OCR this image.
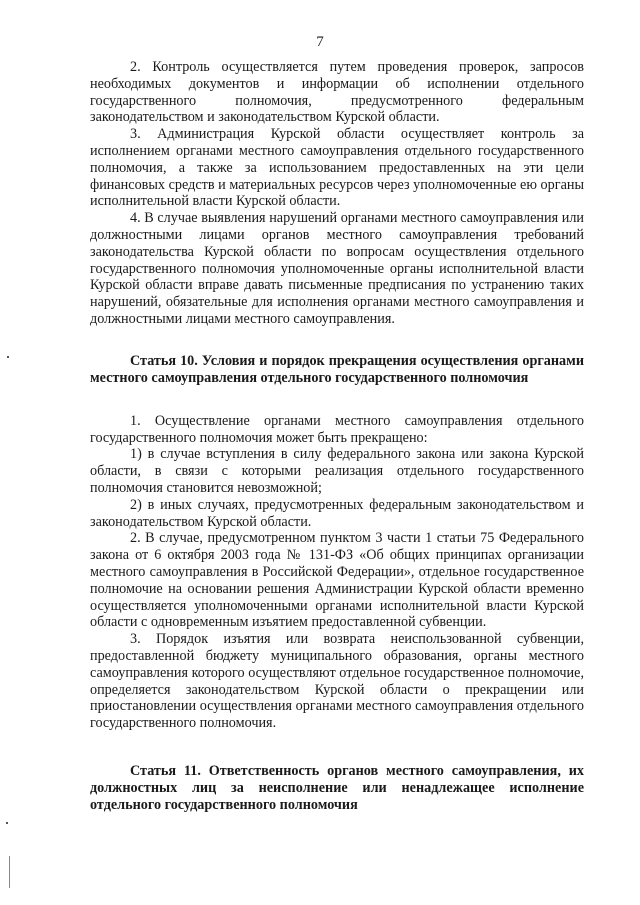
7

2. Контроль осуществляется путем проведения проверок, запросов необходимых документов и информации об исполнении отдельного государственного полномочия, предусмотренного федеральным законодательством и законодательством Курской области.

3. Администрация Курской области осуществляет контроль за исполнением органами местного самоуправления отдельного государственного полномочия, а также за использованием предоставленных на эти цели финансовых средств и материальных ресурсов через уполномоченные ею органы исполнительной власти Курской области.

4. В случае выявления нарушений органами местного самоуправления или должностными лицами органов местного самоуправления требований законодательства Курской области по вопросам осуществления отдельного государственного полномочия уполномоченные органы исполнительной власти Курской области вправе давать письменные предписания по устранению таких нарушений, обязательные для исполнения органами местного самоуправления и должностными лицами местного самоуправления.

Статья 10. Условия и порядок прекращения осуществления органами местного самоуправления отдельного государственного полномочия

1. Осуществление органами местного самоуправления отдельного государственного полномочия может быть прекращено:

1) в случае вступления в силу федерального закона или закона Курской области, в связи с которыми реализация отдельного государственного полномочия становится невозможной;

2) в иных случаях, предусмотренных федеральным законодательством и законодательством Курской области.

2. В случае, предусмотренном пунктом 3 части 1 статьи 75 Федерального закона от 6 октября 2003 года № 131-ФЗ «Об общих принципах организации местного самоуправления в Российской Федерации», отдельное государственное полномочие на основании решения Администрации Курской области временно осуществляется уполномоченными органами исполнительной власти Курской области с одновременным изъятием предоставленной субвенции.

3. Порядок изъятия или возврата неиспользованной субвенции, предоставленной бюджету муниципального образования, органы местного самоуправления которого осуществляют отдельное государственное полномочие, определяется законодательством Курской области о прекращении или приостановлении осуществления органами местного самоуправления отдельного государственного полномочия.

Статья 11. Ответственность органов местного самоуправления, их должностных лиц за неисполнение или ненадлежащее исполнение отдельного государственного полномочия
